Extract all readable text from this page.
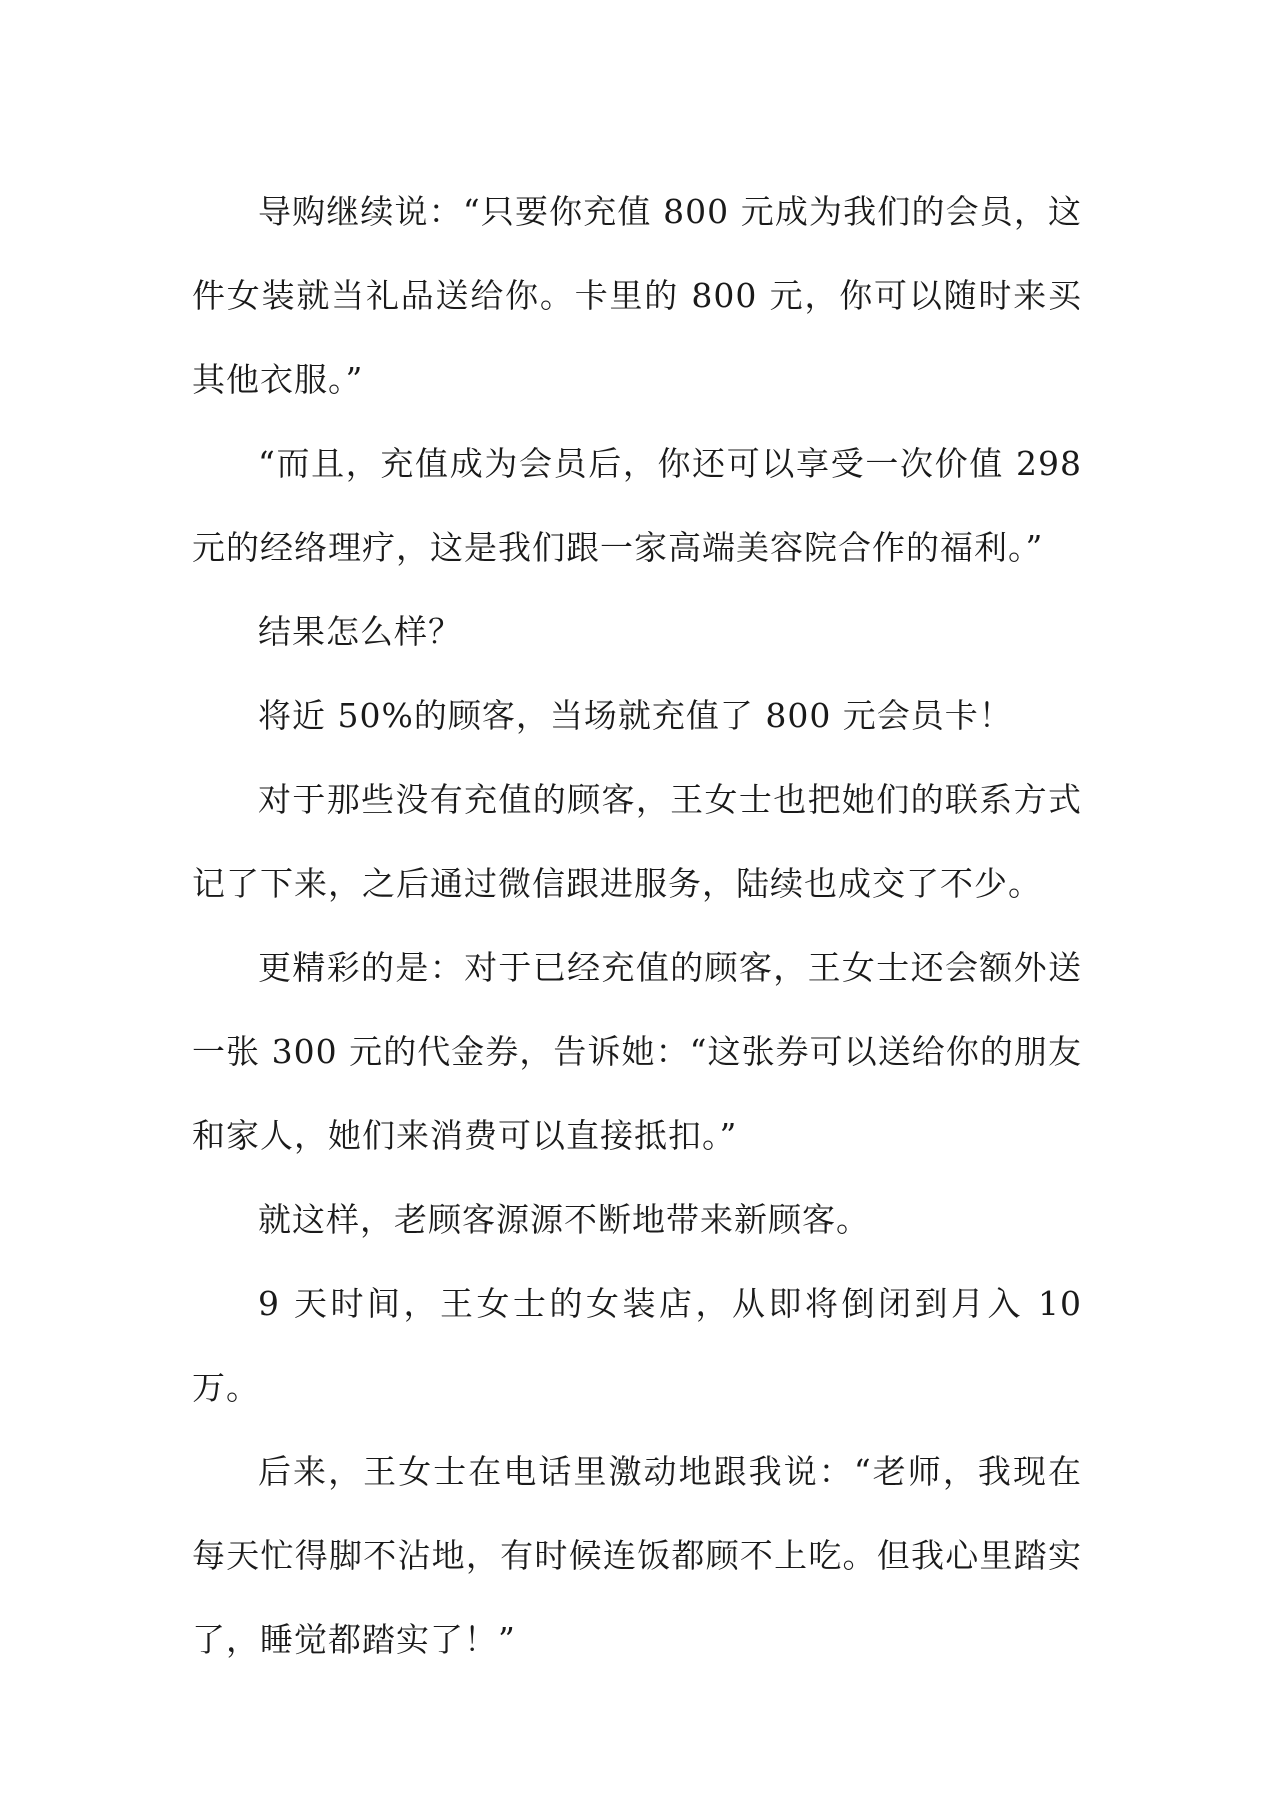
导购继续说：“只要你充值 800 元成为我们的会员，这件女装就当礼品送给你。卡里的 800 元，你可以随时来买其他衣服。”

“而且，充值成为会员后，你还可以享受一次价值 298 元的经络理疗，这是我们跟一家高端美容院合作的福利。”

结果怎么样？

将近 50%的顾客，当场就充值了 800 元会员卡！

对于那些没有充值的顾客，王女士也把她们的联系方式记了下来，之后通过微信跟进服务，陆续也成交了不少。

更精彩的是：对于已经充值的顾客，王女士还会额外送一张 300 元的代金券，告诉她：“这张券可以送给你的朋友和家人，她们来消费可以直接抵扣。”

就这样，老顾客源源不断地带来新顾客。

9 天时间，王女士的女装店，从即将倒闭到月入 10 万。

后来，王女士在电话里激动地跟我说：“老师，我现在每天忙得脚不沾地，有时候连饭都顾不上吃。但我心里踏实了，睡觉都踏实了！”
